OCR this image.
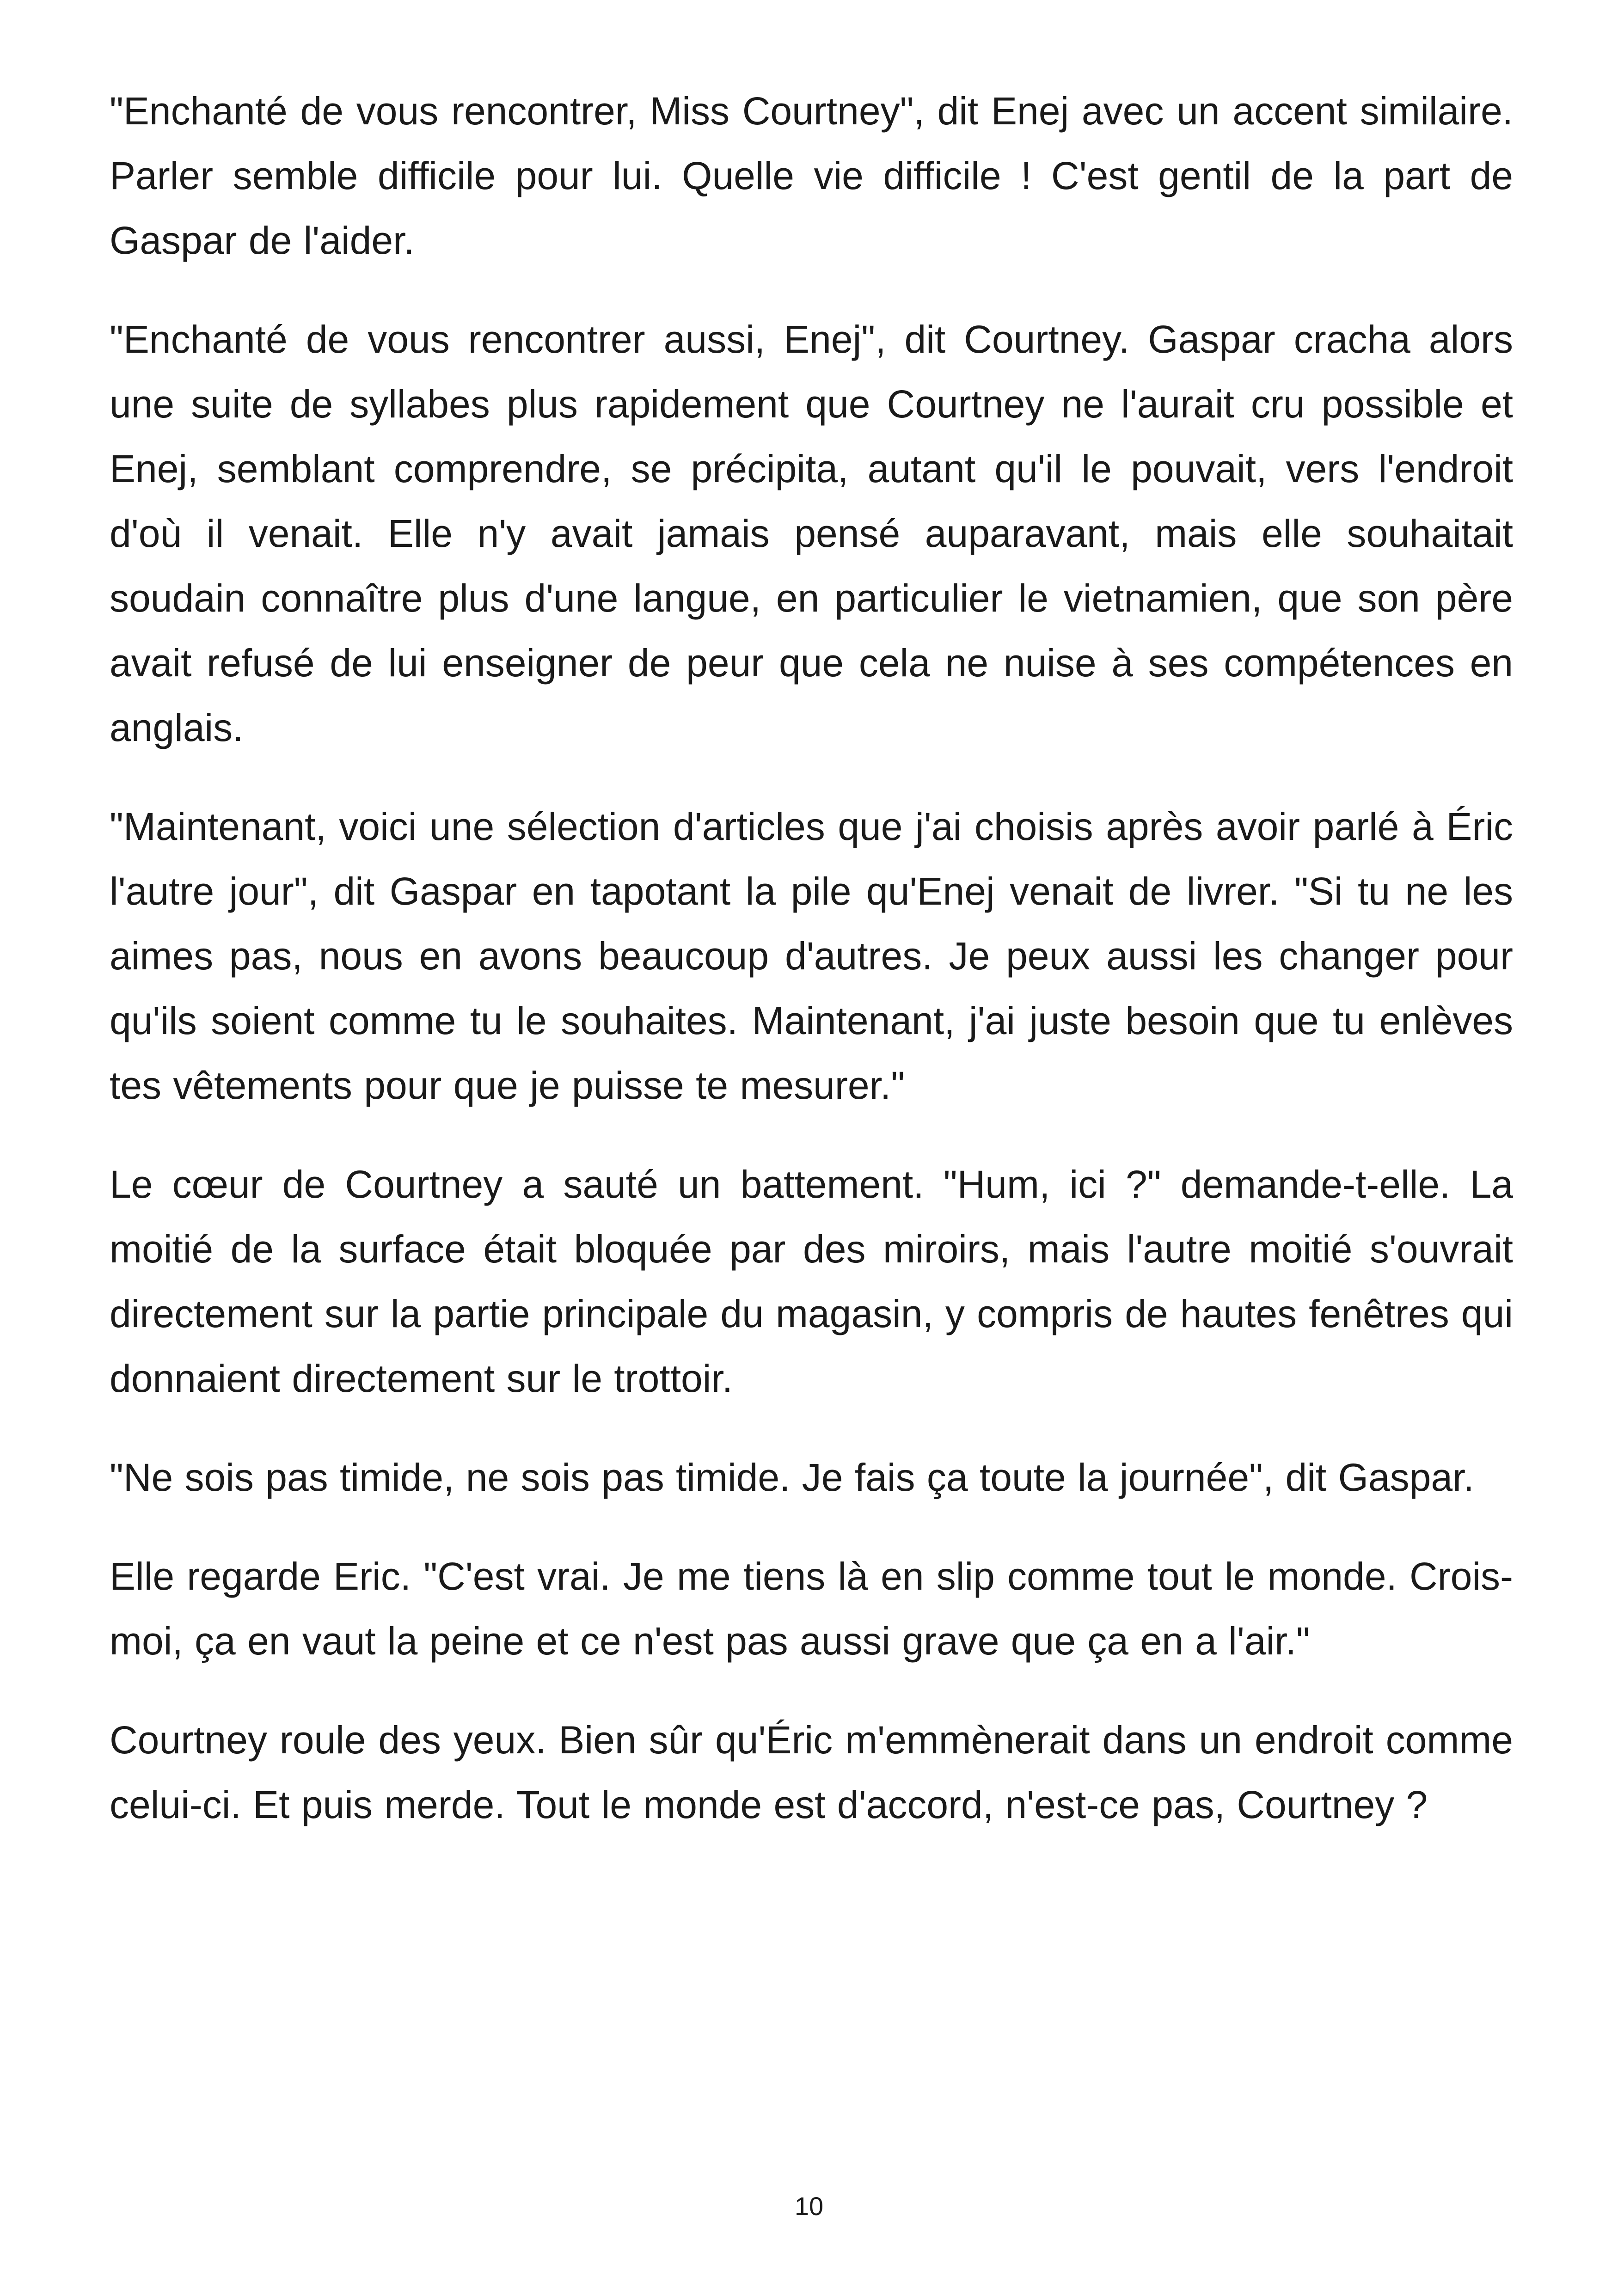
"Enchanté de vous rencontrer, Miss Courtney", dit Enej avec un accent similaire. Parler semble difficile pour lui. Quelle vie difficile ! C'est gentil de la part de Gaspar de l'aider.

"Enchanté de vous rencontrer aussi, Enej", dit Courtney. Gaspar cracha alors une suite de syllabes plus rapidement que Courtney ne l'aurait cru possible et Enej, semblant comprendre, se précipita, autant qu'il le pouvait, vers l'endroit d'où il venait. Elle n'y avait jamais pensé auparavant, mais elle souhaitait soudain connaître plus d'une langue, en particulier le vietnamien, que son père avait refusé de lui enseigner de peur que cela ne nuise à ses compétences en anglais.

"Maintenant, voici une sélection d'articles que j'ai choisis après avoir parlé à Éric l'autre jour", dit Gaspar en tapotant la pile qu'Enej venait de livrer. "Si tu ne les aimes pas, nous en avons beaucoup d'autres. Je peux aussi les changer pour qu'ils soient comme tu le souhaites. Maintenant, j'ai juste besoin que tu enlèves tes vêtements pour que je puisse te mesurer."

Le cœur de Courtney a sauté un battement. "Hum, ici ?" demande-t-elle. La moitié de la surface était bloquée par des miroirs, mais l'autre moitié s'ouvrait directement sur la partie principale du magasin, y compris de hautes fenêtres qui donnaient directement sur le trottoir.

"Ne sois pas timide, ne sois pas timide. Je fais ça toute la journée", dit Gaspar.

Elle regarde Eric. "C'est vrai. Je me tiens là en slip comme tout le monde. Crois-moi, ça en vaut la peine et ce n'est pas aussi grave que ça en a l'air."

Courtney roule des yeux. Bien sûr qu'Éric m'emmènerait dans un endroit comme celui-ci. Et puis merde. Tout le monde est d'accord, n'est-ce pas, Courtney ?

10
